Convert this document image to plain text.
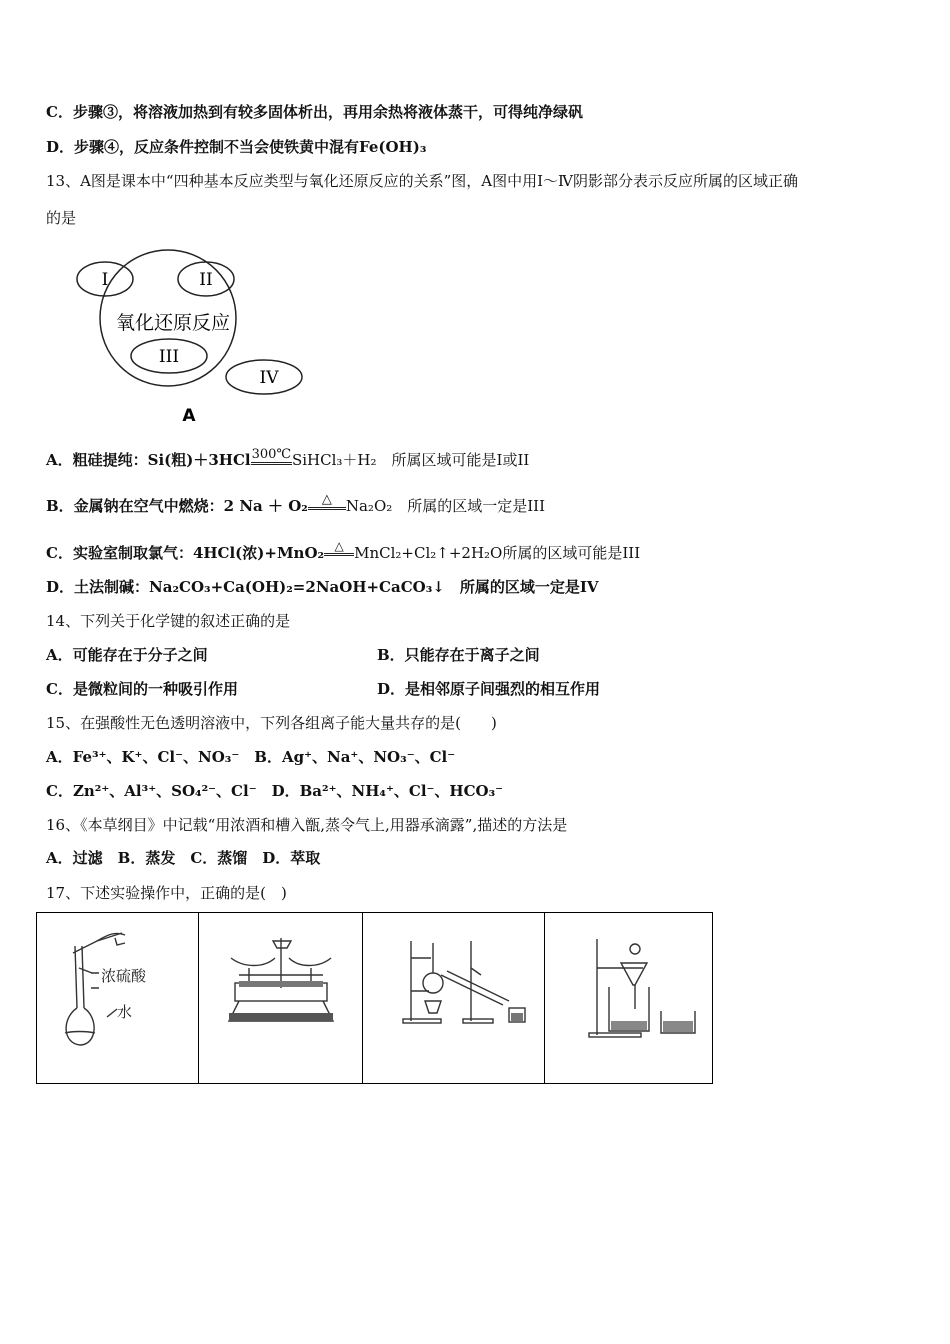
C．步骤③，将溶液加热到有较多固体析出，再用余热将液体蒸干，可得纯净绿矾
D．步骤④，反应条件控制不当会使铁黄中混有Fe(OH)₃
13、A图是课本中“四种基本反应类型与氧化还原反应的关系”图，A图中用Ⅰ～Ⅳ阴影部分表示反应所属的区域正确
的是
I	II
氧化还原反应
III
IV
A
A．粗硅提纯：Si(粗)＋3HCl300℃SiHCl₃＋H₂　所属区域可能是I或II
B．金属钠在空气中燃烧：2 Na ＋ O₂ △ Na₂O₂　所属的区域一定是III
C．实验室制取氯气：4HCl(浓)+MnO₂ △ MnCl₂+Cl₂↑+2H₂O所属的区域可能是III
D．土法制碱：Na₂CO₃+Ca(OH)₂=2NaOH+CaCO₃↓　所属的区域一定是IV
14、下列关于化学键的叙述正确的是
A．可能存在于分子之间	B．只能存在于离子之间
C．是微粒间的一种吸引作用	D．是相邻原子间强烈的相互作用
15、在强酸性无色透明溶液中，下列各组离子能大量共存的是(　　)
A．Fe³⁺、K⁺、Cl⁻、NO₃⁻　B．Ag⁺、Na⁺、NO₃⁻、Cl⁻
C．Zn²⁺、Al³⁺、SO₄²⁻、Cl⁻　D．Ba²⁺、NH₄⁺、Cl⁻、HCO₃⁻
16、《本草纲目》中记载“用浓酒和槽入甑,蒸令气上,用器承滴露”,描述的方法是
A．过滤　B．蒸发　C．蒸馏　D．萃取
17、下述实验操作中，正确的是(　)
浓硫酸
水
